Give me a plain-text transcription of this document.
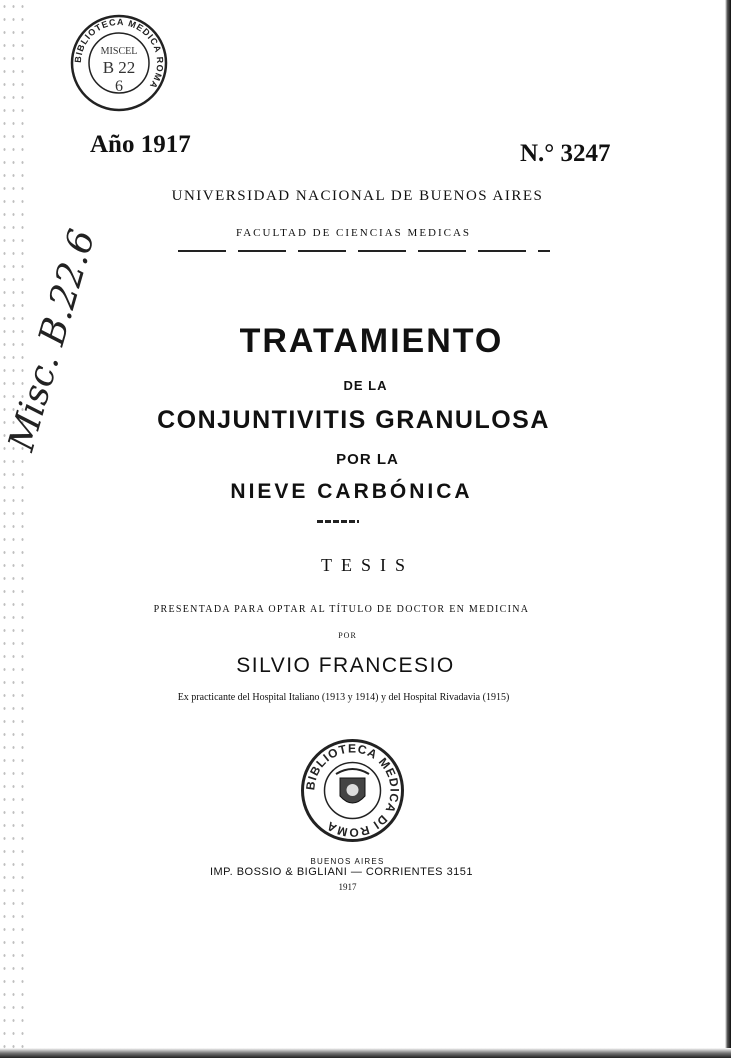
BIBLIOTECA MEDICA ROMA
MISCEL
B 22
6
Año 1917	N.° 3247
Misc. B.22.6
UNIVERSIDAD NACIONAL DE BUENOS AIRES
FACULTAD DE CIENCIAS MEDICAS
TRATAMIENTO
DE LA
CONJUNTIVITIS GRANULOSA
POR LA
NIEVE CARBÓNICA
TESIS
PRESENTADA PARA OPTAR AL TÍTULO DE DOCTOR EN MEDICINA
POR
SILVIO FRANCESIO
Ex practicante del Hospital Italiano (1913 y 1914) y del Hospital Rivadavia (1915)
BIBLIOTECA MEDICA DI ROMA
BUENOS AIRES
IMP. BOSSIO & BIGLIANI — CORRIENTES 3151
1917
